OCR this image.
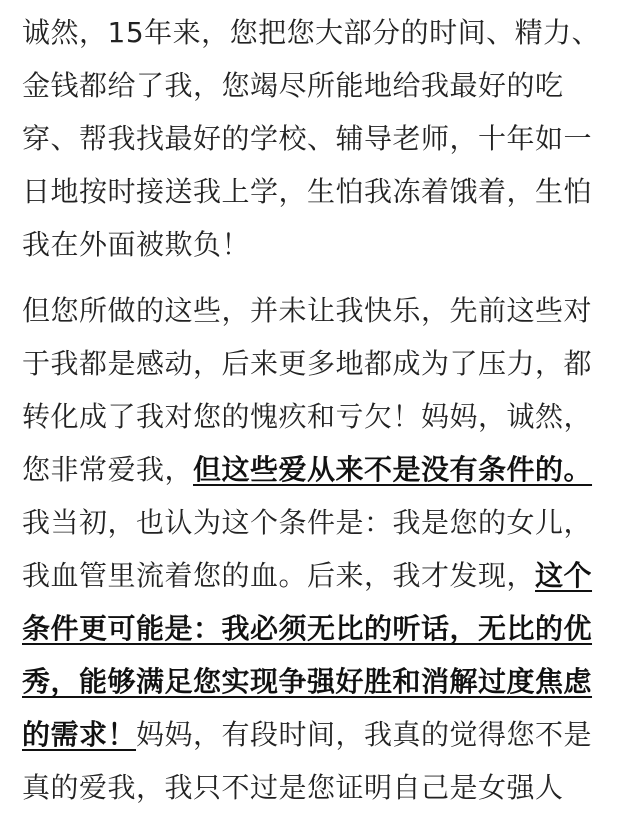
诚然，15年来，您把您大部分的时间、精力、
金钱都给了我，您竭尽所能地给我最好的吃
穿、帮我找最好的学校、辅导老师，十年如一
日地按时接送我上学，生怕我冻着饿着，生怕
我在外面被欺负！
但您所做的这些，并未让我快乐，先前这些对
于我都是感动，后来更多地都成为了压力，都
转化成了我对您的愧疚和亏欠！妈妈，诚然，
您非常爱我，但这些爱从来不是没有条件的。
我当初，也认为这个条件是：我是您的女儿，
我血管里流着您的血。后来，我才发现，这个
条件更可能是：我必须无比的听话，无比的优
秀，能够满足您实现争强好胜和消解过度焦虑
的需求！妈妈，有段时间，我真的觉得您不是
真的爱我，我只不过是您证明自己是女强人
